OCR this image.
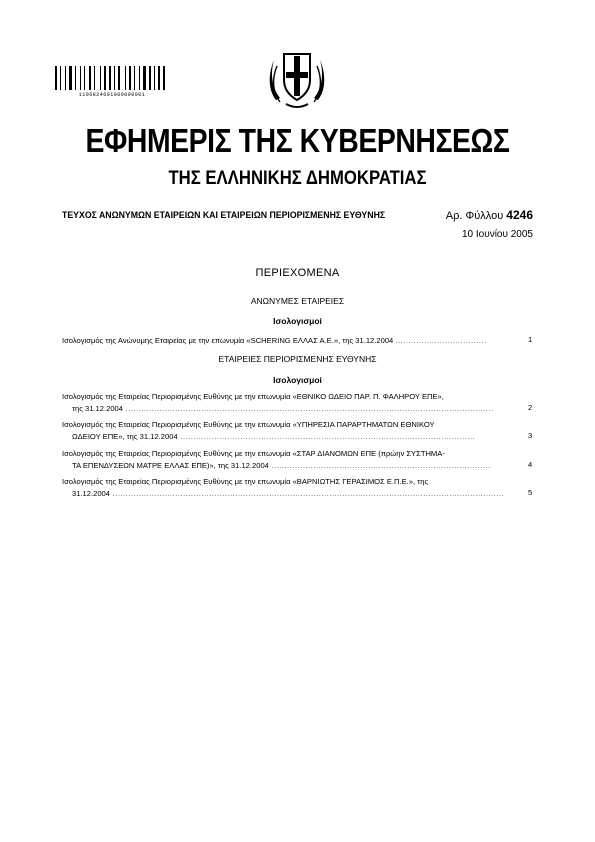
1106824601000000001
ΕΦΗΜΕΡΙΣ ΤΗΣ ΚΥΒΕΡΝΗΣΕΩΣ
ΤΗΣ ΕΛΛΗΝΙΚΗΣ ΔΗΜΟΚΡΑΤΙΑΣ
ΤΕΥΧΟΣ ΑΝΩΝΥΜΩΝ ΕΤΑΙΡΕΙΩΝ ΚΑΙ ΕΤΑΙΡΕΙΩΝ ΠΕΡΙΟΡΙΣΜΕΝΗΣ ΕΥΘΥΝΗΣ	Αρ. Φύλλου 4246
10 Ιουνίου 2005
ΠΕΡΙΕΧΟΜΕΝΑ
ΑΝΩΝΥΜΕΣ ΕΤΑΙΡΕΙΕΣ
Ισολογισμοί
Ισολογισμός της Ανώνυμης Εταιρείας με την επωνυμία «SCHERING ΕΛΛΑΣ Α.Ε.», της 31.12.2004 ...................................	1
ΕΤΑΙΡΕΙΕΣ ΠΕΡΙΟΡΙΣΜΕΝΗΣ ΕΥΘΥΝΗΣ
Ισολογισμοί
Ισολογισμός της Εταιρείας Περιορισμένης Ευθύνης με την επωνυμία «ΕΘΝΙΚΟ ΩΔΕΙΟ ΠΑΡ. Π. ΦΑΛΗΡΟΥ ΕΠΕ»,
της 31.12.2004 .............................................................................................................................................	2
Ισολογισμός της Εταιρείας Περιορισμένης Ευθύνης με την επωνυμία «ΥΠΗΡΕΣΙΑ ΠΑΡΑΡΤΗΜΑΤΩΝ ΕΘΝΙΚΟΥ
ΩΔΕΙΟΥ ΕΠΕ», της 31.12.2004 .................................................................................................................	3
Ισολογισμός της Εταιρείας Περιορισμένης Ευθύνης με την επωνυμία «ΣΤΑΡ ΔΙΑΝΟΜΩΝ ΕΠΕ (πρώην ΣΥΣΤΗΜΑ-
ΤΑ ΕΠΕΝΔΥΣΕΩΝ ΜΑΤΡΕ ΕΛΛΑΣ ΕΠΕ)», της 31.12.2004 ....................................................................................	4
Ισολογισμός της Εταιρείας Περιορισμένης Ευθύνης με την επωνυμία «ΒΑΡΝΙΩΤΗΣ ΓΕΡΑΣΙΜΟΣ Ε.Π.Ε.», της
31.12.2004 ......................................................................................................................................................	5
